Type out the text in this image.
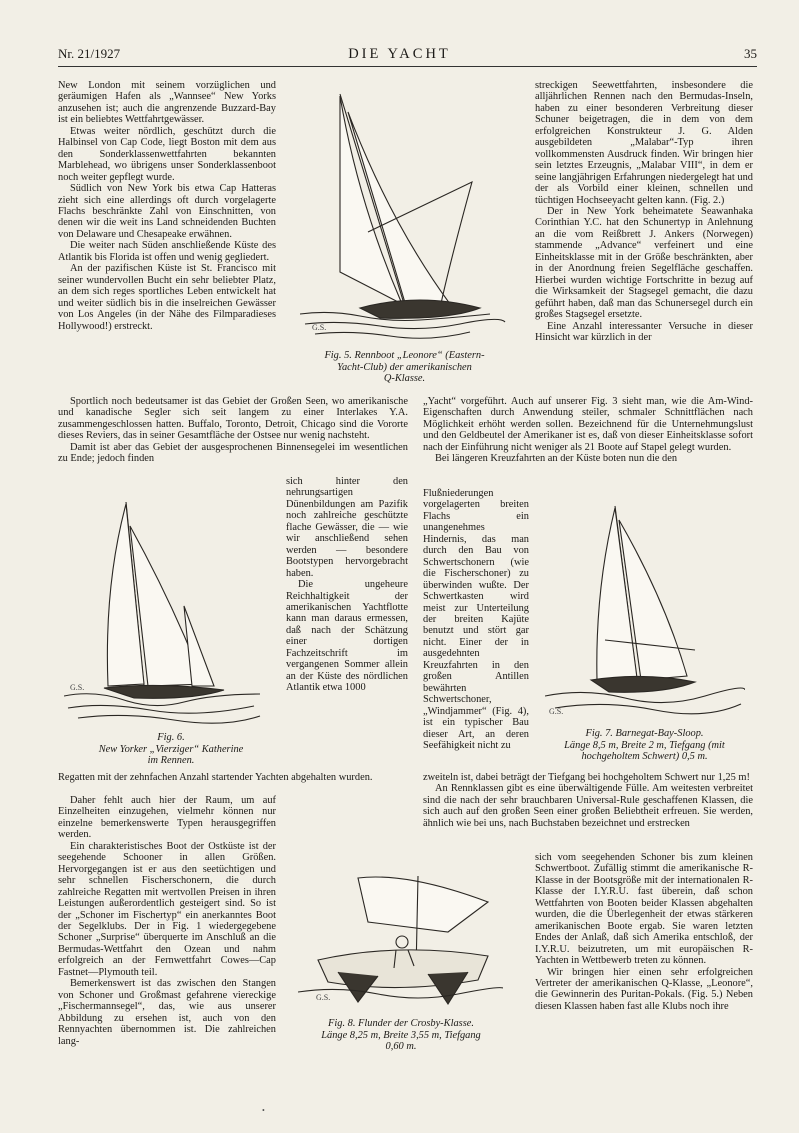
Nr. 21/1927	DIE YACHT	35

New London mit seinem vorzüglichen und geräumigen Hafen als „Wannsee“ New Yorks anzusehen ist; auch die angrenzende Buzzard-Bay ist ein beliebtes Wettfahrtgewässer.

Etwas weiter nördlich, geschützt durch die Halbinsel von Cap Code, liegt Boston mit dem aus den Sonderklassenwettfahrten bekannten Marblehead, wo übrigens unser Sonderklassenboot noch weiter gepflegt wurde.

Südlich von New York bis etwa Cap Hatteras zieht sich eine allerdings oft durch vorgelagerte Flachs beschränkte Zahl von Einschnitten, von denen wir die weit ins Land schneidenden Buchten von Delaware und Chesapeake erwähnen.

Die weiter nach Süden anschließende Küste des Atlantik bis Florida ist offen und wenig gegliedert.

An der pazifischen Küste ist St. Francisco mit seiner wundervollen Bucht ein sehr beliebter Platz, an dem sich reges sportliches Leben entwickelt hat und weiter südlich bis in die inselreichen Gewässer von Los Angeles (in der Nähe des Filmparadieses Hollywood!) erstreckt.	G.S.
Fig. 5. Rennboot „Leonore“ (Eastern-
Yacht-Club) der amerikanischen
Q-Klasse.

Sportlich noch bedeutsamer ist das Gebiet der Großen Seen, wo amerikanische und kanadische Segler sich seit langem zu einer Interlakes Y.A. zusammengeschlossen hatten. Buffalo, Toronto, Detroit, Chicago sind die Vororte dieses Reviers, das in seiner Gesamtfläche der Ostsee nur wenig nachsteht.

Damit ist aber das Gebiet der ausgesprochenen Binnensegelei im wesentlichen zu Ende; jedoch finden

G.S.
Fig. 6.
New Yorker „Vierziger“ Katherine
im Rennen.

sich hinter den nehrungsartigen Dünenbildungen am Pazifik noch zahlreiche geschützte flache Gewässer, die — wie wir anschließend sehen werden — besondere Bootstypen hervorgebracht haben.

Die ungeheure Reichhaltigkeit der amerikanischen Yachtflotte kann man daraus ermessen, daß nach der Schätzung einer dortigen Fachzeitschrift im vergangenen Sommer allein an der Küste des nördlichen Atlantik etwa 1000

Regatten mit der zehnfachen Anzahl startender Yachten abgehalten wurden.

Daher fehlt auch hier der Raum, um auf Einzelheiten einzugehen, vielmehr können nur einzelne bemerkenswerte Typen herausgegriffen werden.

Ein charakteristisches Boot der Ostküste ist der seegehende Schooner in allen Größen. Hervorgegangen ist er aus den seetüchtigen und sehr schnellen Fischerschonern, die durch zahlreiche Regatten mit wertvollen Preisen in ihren Leistungen außerordentlich gesteigert sind. So ist der „Schoner im Fischertyp“ ein anerkanntes Boot der Segelklubs. Der in Fig. 1 wiedergegebene Schoner „Surprise“ überquerte im Anschluß an die Bermudas-Wettfahrt den Ozean und nahm erfolgreich an der Fernwettfahrt Cowes—Cap Fastnet—Plymouth teil.

Bemerkenswert ist das zwischen den Stangen von Schoner und Großmast gefahrene viereckige „Fischermannsegel“, das, wie aus unserer Abbildung zu ersehen ist, auch von den Rennyachten übernommen ist. Die zahlreichen lang-

G.S.
Fig. 8. Flunder der Crosby-Klasse.
Länge 8,25 m, Breite 3,55 m, Tiefgang
0,60 m.

streckigen Seewettfahrten, insbesondere die alljährlichen Rennen nach den Bermudas-Inseln, haben zu einer besonderen Verbreitung dieser Schuner beigetragen, die in dem von dem erfolgreichen Konstrukteur J. G. Alden ausgebildeten „Malabar“-Typ ihren vollkommensten Ausdruck finden. Wir bringen hier sein letztes Erzeugnis, „Malabar VIII“, in dem er seine langjährigen Erfahrungen niedergelegt hat und der als Vorbild einer kleinen, schnellen und tüchtigen Hochseeyacht gelten kann. (Fig. 2.)

Der in New York beheimatete Seawanhaka Corinthian Y.C. hat den Schunertyp in Anlehnung an die vom Reißbrett J. Ankers (Norwegen) stammende „Advance“ verfeinert und eine Einheitsklasse mit in der Größe beschränkten, aber in der Anordnung freien Segelfläche geschaffen. Hierbei wurden wichtige Fortschritte in bezug auf die Wirksamkeit der Stagsegel gemacht, die dazu geführt haben, daß man das Schunersegel durch ein großes Stagsegel ersetzte.

Eine Anzahl interessanter Versuche in dieser Hinsicht war kürzlich in der

„Yacht“ vorgeführt. Auch auf unserer Fig. 3 sieht man, wie die Am-Wind-Eigenschaften durch Anwendung steiler, schmaler Schnittflächen nach Möglichkeit erhöht werden sollen. Bezeichnend für die Unternehmungslust und den Geldbeutel der Amerikaner ist es, daß von dieser Einheitsklasse sofort nach der Einführung nicht weniger als 21 Boote auf Stapel gelegt wurden.

Bei längeren Kreuzfahrten an der Küste boten nun die den

Flußniederungen vorgelagerten breiten Flachs ein unangenehmes Hindernis, das man durch den Bau von Schwertschonern (wie die Fischerschoner) zu überwinden wußte. Der Schwertkasten wird meist zur Unterteilung der breiten Kajüte benutzt und stört gar nicht. Einer der in ausgedehnten Kreuzfahrten in den großen Antillen bewährten Schwertschoner, „Windjammer“ (Fig. 4), ist ein typischer Bau dieser Art, an deren Seefähigkeit nicht zu

G.S.
Fig. 7. Barnegat-Bay-Sloop.
Länge 8,5 m, Breite 2 m, Tiefgang (mit
hochgeholtem Schwert) 0,5 m.

zweiteln ist, dabei beträgt der Tiefgang bei hochgeholtem Schwert nur 1,25 m!

An Rennklassen gibt es eine überwältigende Fülle. Am weitesten verbreitet sind die nach der sehr brauchbaren Universal-Rule geschaffenen Klassen, die sich auch auf den großen Seen einer großen Beliebtheit erfreuen. Sie werden, ähnlich wie bei uns, nach Buchstaben bezeichnet und erstrecken

sich vom seegehenden Schoner bis zum kleinen Schwertboot. Zufällig stimmt die amerikanische R-Klasse in der Bootsgröße mit der internationalen R-Klasse der I.Y.R.U. fast überein, daß schon Wettfahrten von Booten beider Klassen abgehalten wurden, die die Überlegenheit der etwas stärkeren amerikanischen Boote ergab. Sie waren letzten Endes der Anlaß, daß sich Amerika entschloß, der I.Y.R.U. beizutreten, um mit europäischen R-Yachten in Wettbewerb treten zu können.

Wir bringen hier einen sehr erfolgreichen Vertreter der amerikanischen Q-Klasse, „Leonore“, die Gewinnerin des Puritan-Pokals. (Fig. 5.) Neben diesen Klassen haben fast alle Klubs noch ihre

•
